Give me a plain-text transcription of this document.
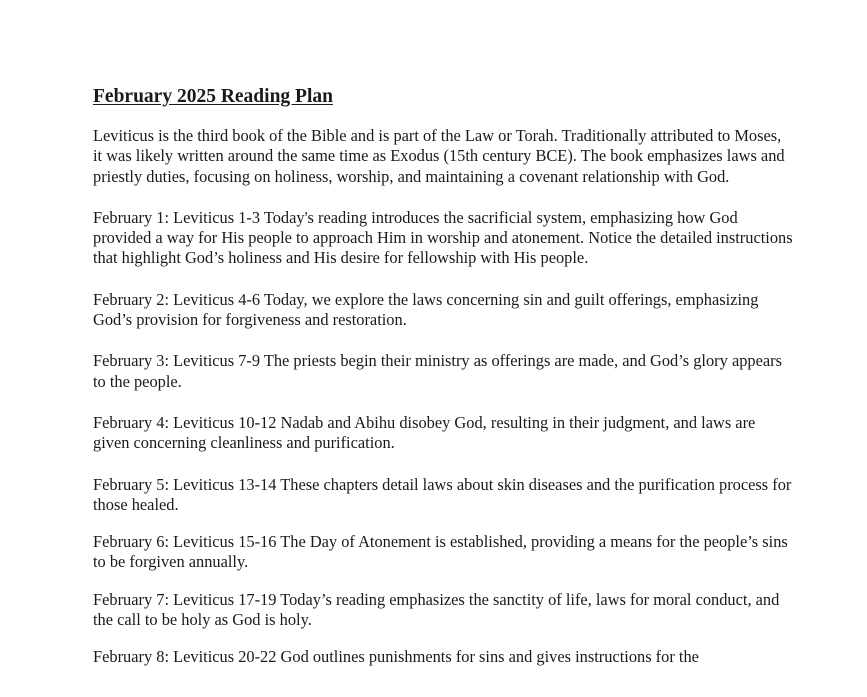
February 2025 Reading Plan

Leviticus is the third book of the Bible and is part of the Law or Torah. Traditionally attributed to Moses, it was likely written around the same time as Exodus (15th century BCE). The book emphasizes laws and priestly duties, focusing on holiness, worship, and maintaining a covenant relationship with God.

February 1: Leviticus 1-3 Today's reading introduces the sacrificial system, emphasizing how God provided a way for His people to approach Him in worship and atonement. Notice the detailed instructions that highlight God’s holiness and His desire for fellowship with His people.

February 2: Leviticus 4-6 Today, we explore the laws concerning sin and guilt offerings, emphasizing God’s provision for forgiveness and restoration.

February 3: Leviticus 7-9 The priests begin their ministry as offerings are made, and God’s glory appears to the people.

February 4: Leviticus 10-12 Nadab and Abihu disobey God, resulting in their judgment, and laws are given concerning cleanliness and purification.

February 5: Leviticus 13-14 These chapters detail laws about skin diseases and the purification process for those healed.

February 6: Leviticus 15-16 The Day of Atonement is established, providing a means for the people’s sins to be forgiven annually.

February 7: Leviticus 17-19 Today’s reading emphasizes the sanctity of life, laws for moral conduct, and the call to be holy as God is holy.

February 8: Leviticus 20-22 God outlines punishments for sins and gives instructions for the
